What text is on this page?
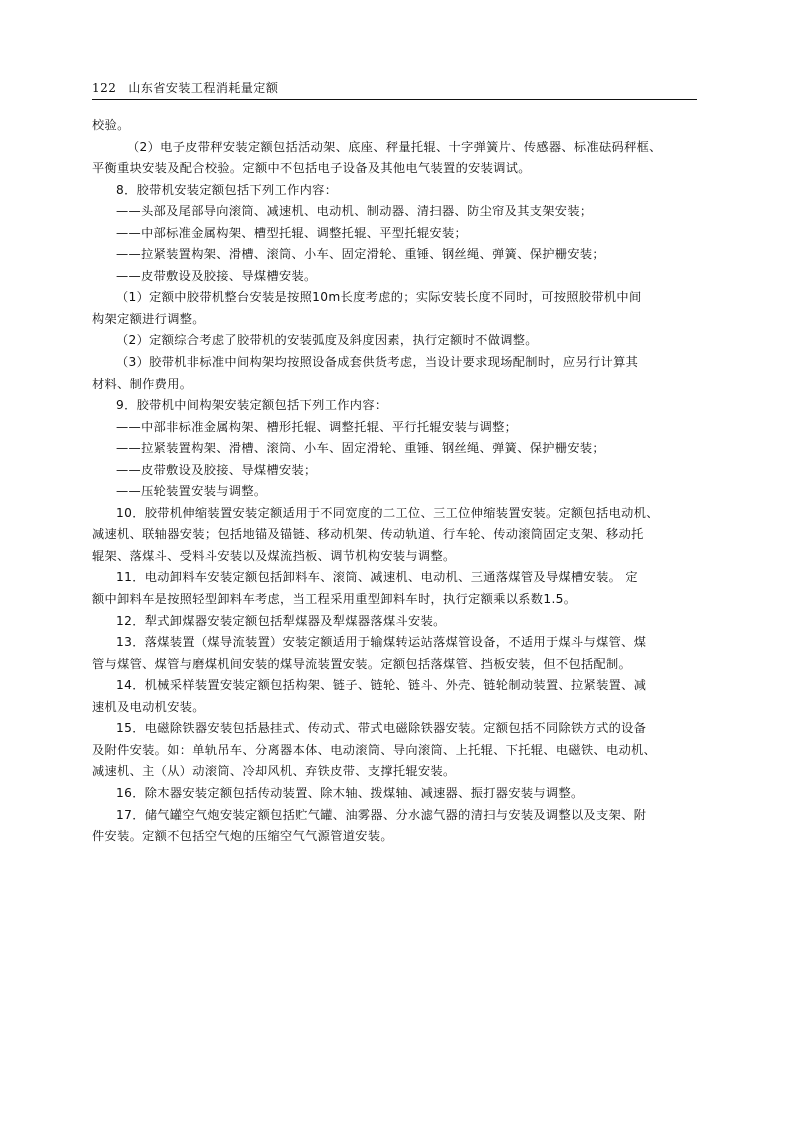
122 山东省安装工程消耗量定额
校验。
（2）电子皮带秤安装定额包括活动架、底座、秤量托辊、十字弹簧片、传感器、标准砝码秤框、
平衡重块安装及配合校验。定额中不包括电子设备及其他电气装置的安装调试。
8．胶带机安装定额包括下列工作内容：
——头部及尾部导向滚筒、减速机、电动机、制动器、清扫器、防尘帘及其支架安装；
——中部标准金属构架、槽型托辊、调整托辊、平型托辊安装；
——拉紧装置构架、滑槽、滚筒、小车、固定滑轮、重锤、钢丝绳、弹簧、保护栅安装；
——皮带敷设及胶接、导煤槽安装。
（1）定额中胶带机整台安装是按照10m长度考虑的；实际安装长度不同时，可按照胶带机中间
构架定额进行调整。
（2）定额综合考虑了胶带机的安装弧度及斜度因素，执行定额时不做调整。
（3）胶带机非标准中间构架均按照设备成套供货考虑，当设计要求现场配制时，应另行计算其
材料、制作费用。
9．胶带机中间构架安装定额包括下列工作内容：
——中部非标准金属构架、槽形托辊、调整托辊、平行托辊安装与调整；
——拉紧装置构架、滑槽、滚筒、小车、固定滑轮、重锤、钢丝绳、弹簧、保护栅安装；
——皮带敷设及胶接、导煤槽安装；
——压轮装置安装与调整。
10．胶带机伸缩装置安装定额适用于不同宽度的二工位、三工位伸缩装置安装。定额包括电动机、
减速机、联轴器安装；包括地锚及锚链、移动机架、传动轨道、行车轮、传动滚筒固定支架、移动托
辊架、落煤斗、受料斗安装以及煤流挡板、调节机构安装与调整。
11．电动卸料车安装定额包括卸料车、滚筒、减速机、电动机、三通落煤管及导煤槽安装。 定
额中卸料车是按照轻型卸料车考虑，当工程采用重型卸料车时，执行定额乘以系数1.5。
12．犁式卸煤器安装定额包括犁煤器及犁煤器落煤斗安装。
13．落煤装置（煤导流装置）安装定额适用于输煤转运站落煤管设备，不适用于煤斗与煤管、煤
管与煤管、煤管与磨煤机间安装的煤导流装置安装。定额包括落煤管、挡板安装，但不包括配制。
14．机械采样装置安装定额包括构架、链子、链轮、链斗、外壳、链轮制动装置、拉紧装置、减
速机及电动机安装。
15．电磁除铁器安装包括悬挂式、传动式、带式电磁除铁器安装。定额包括不同除铁方式的设备
及附件安装。如：单轨吊车、分离器本体、电动滚筒、导向滚筒、上托辊、下托辊、电磁铁、电动机、
减速机、主（从）动滚筒、冷却风机、弃铁皮带、支撑托辊安装。
16．除木器安装定额包括传动装置、除木轴、拨煤轴、减速器、振打器安装与调整。
17．储气罐空气炮安装定额包括贮气罐、油雾器、分水滤气器的清扫与安装及调整以及支架、附
件安装。定额不包括空气炮的压缩空气气源管道安装。
